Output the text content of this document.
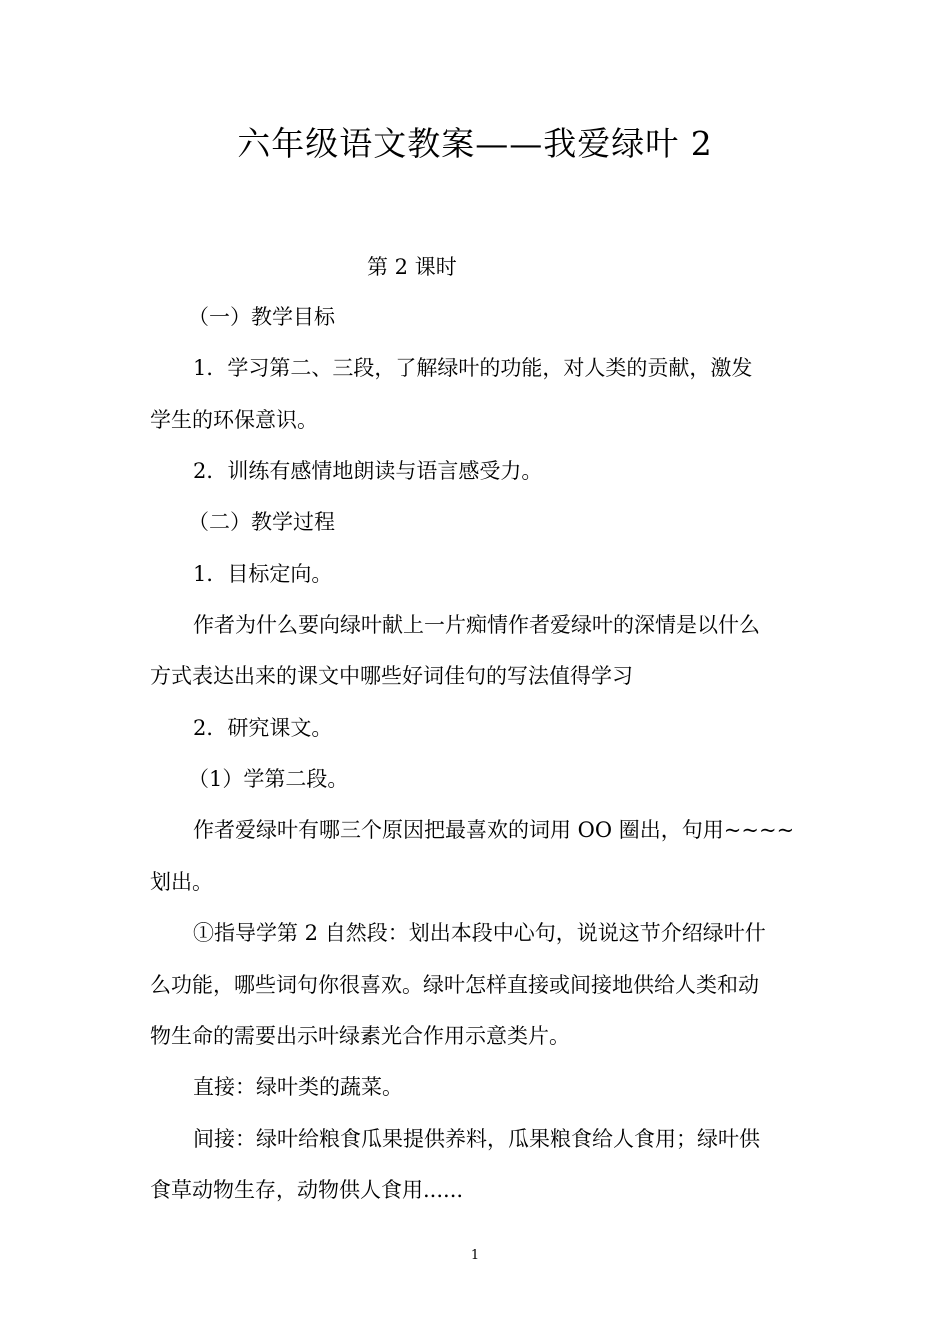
六年级语文教案——我爱绿叶 2
第 2 课时
（一）教学目标
1．学习第二、三段，了解绿叶的功能，对人类的贡献，激发
学生的环保意识。
2．训练有感情地朗读与语言感受力。
（二）教学过程
1．目标定向。
作者为什么要向绿叶献上一片痴情作者爱绿叶的深情是以什么
方式表达出来的课文中哪些好词佳句的写法值得学习
2．研究课文。
（1）学第二段。
作者爱绿叶有哪三个原因把最喜欢的词用 OO 圈出，句用~~~~
划出。
①指导学第 2 自然段：划出本段中心句，说说这节介绍绿叶什
么功能，哪些词句你很喜欢。绿叶怎样直接或间接地供给人类和动
物生命的需要出示叶绿素光合作用示意类片。
直接：绿叶类的蔬菜。
间接：绿叶给粮食瓜果提供养料，瓜果粮食给人食用；绿叶供
食草动物生存，动物供人食用......
1
